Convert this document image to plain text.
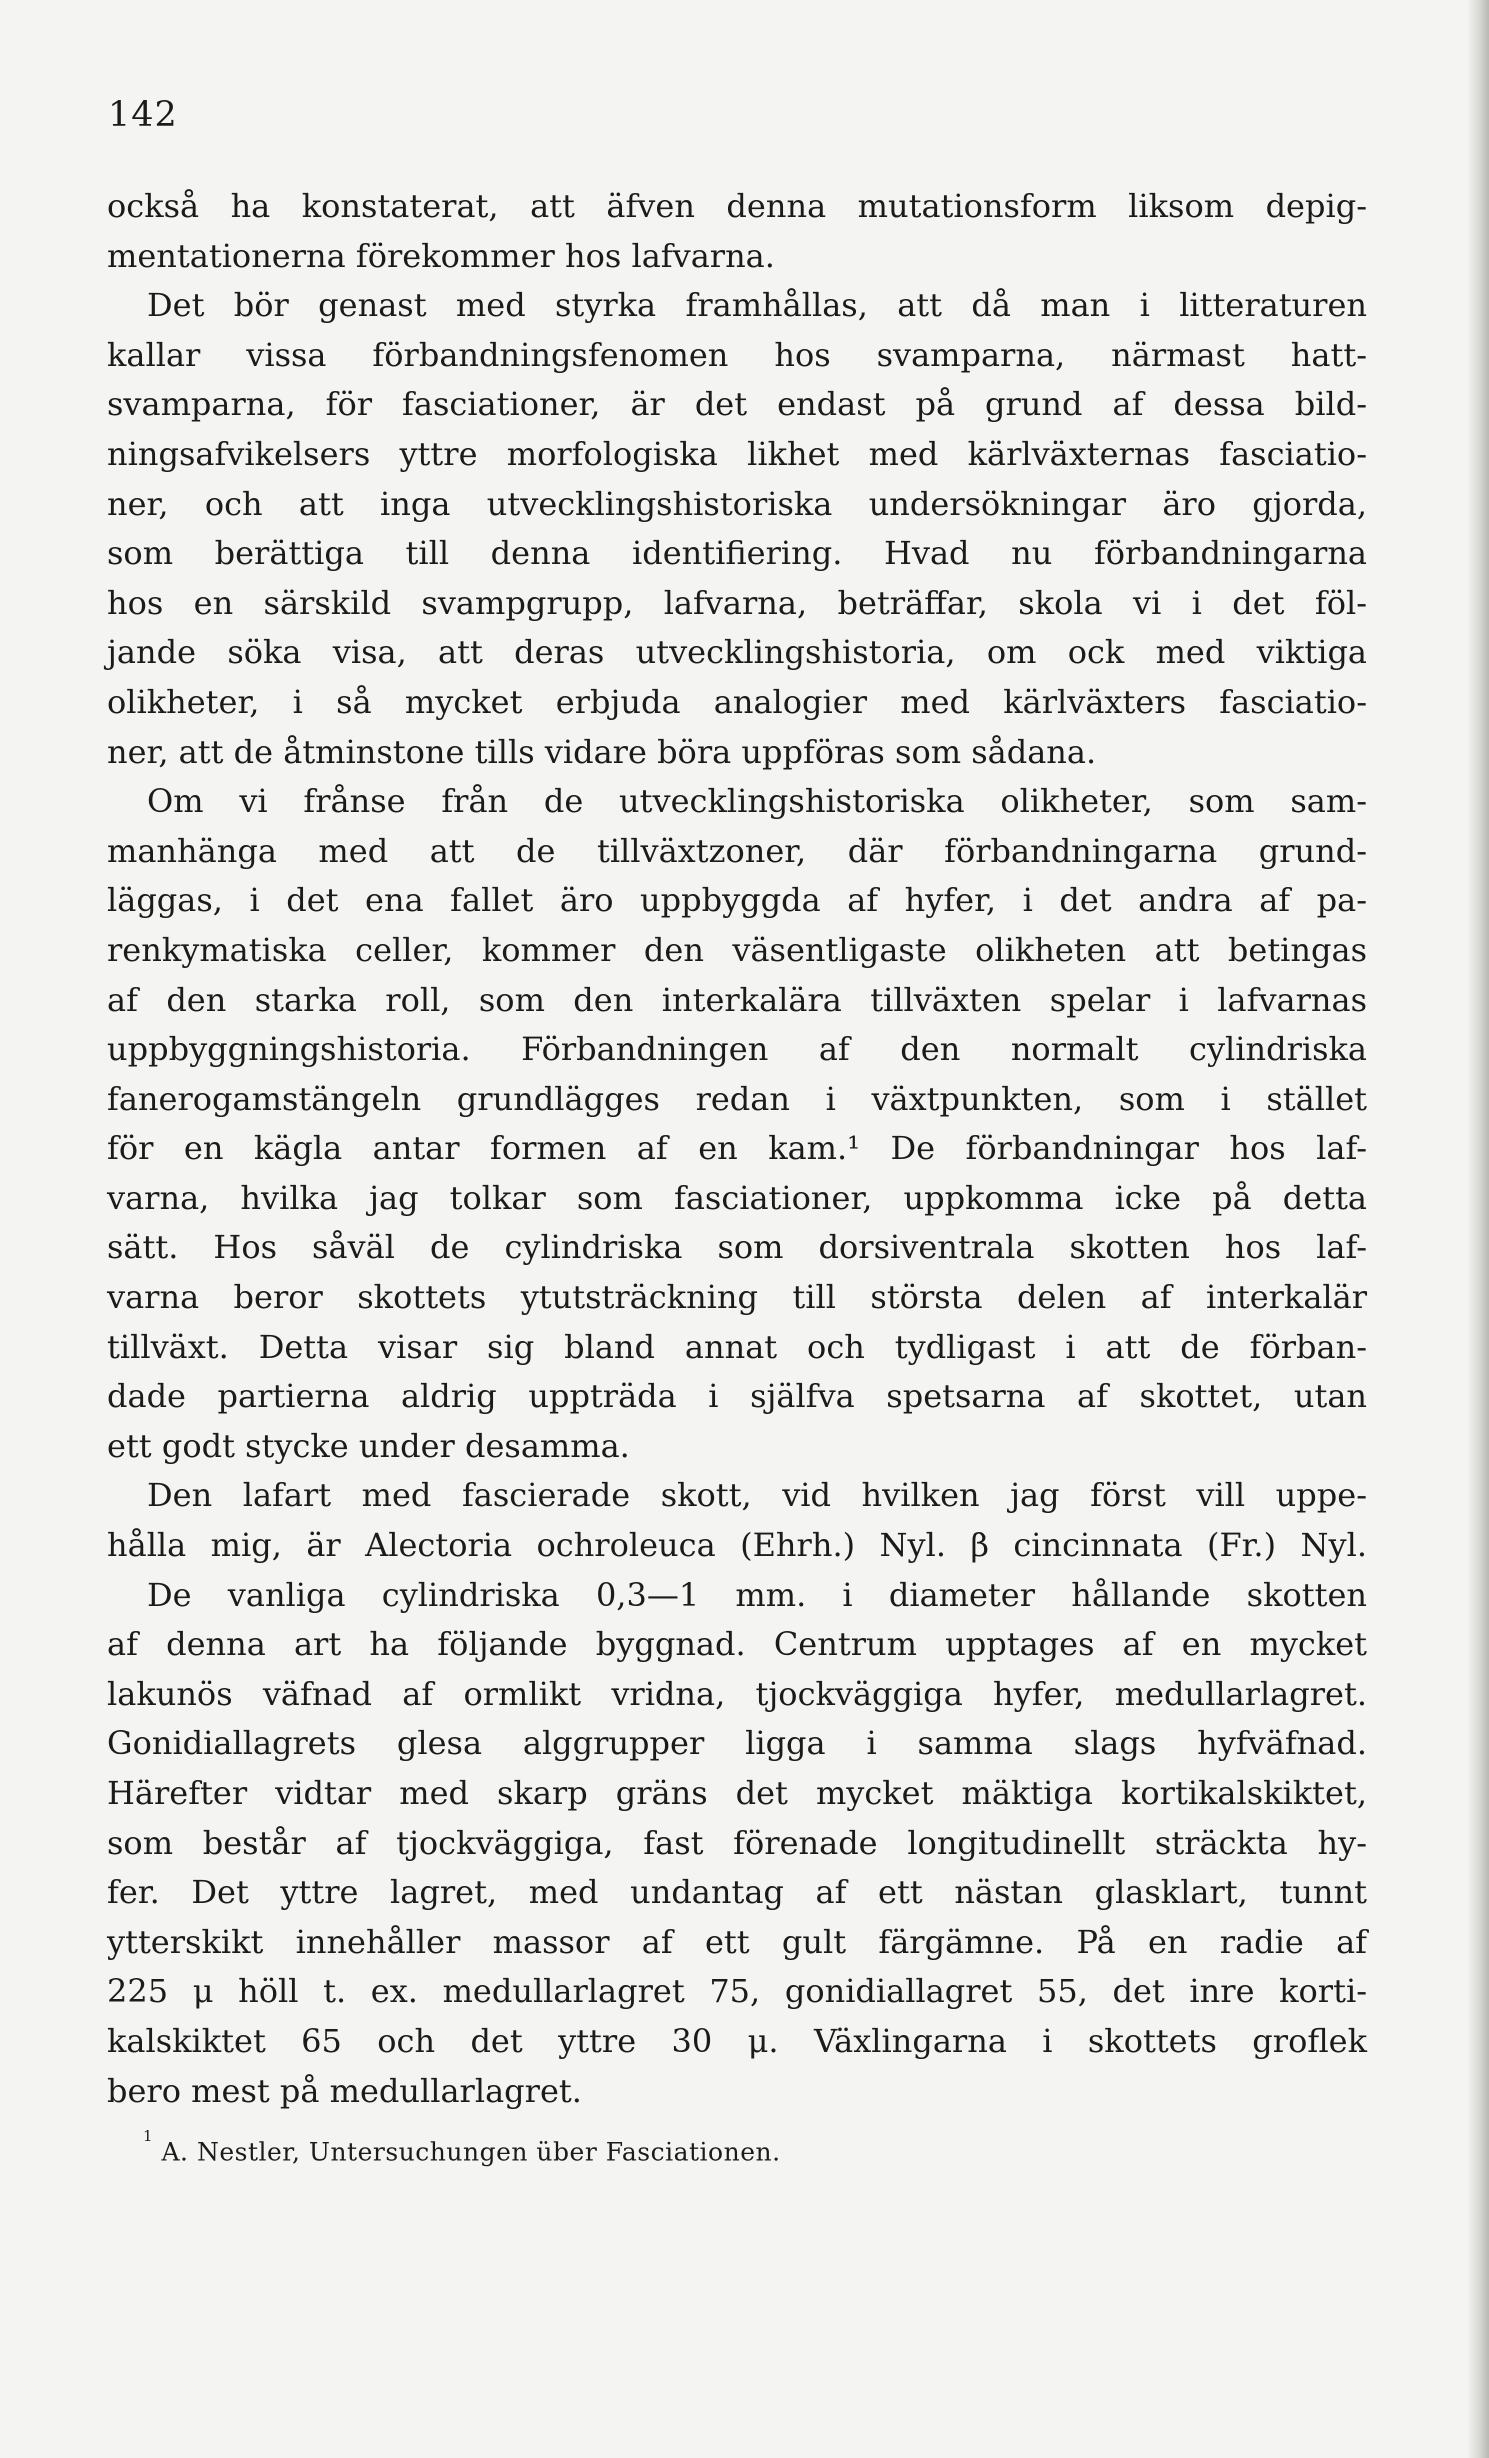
142
också ha konstaterat, att äfven denna mutationsform liksom depig-
mentationerna förekommer hos lafvarna.
Det bör genast med styrka framhållas, att då man i litteraturen
kallar vissa förbandningsfenomen hos svamparna, närmast hatt-
svamparna, för fasciationer, är det endast på grund af dessa bild-
ningsafvikelsers yttre morfologiska likhet med kärlväxternas fasciatio-
ner, och att inga utvecklingshistoriska undersökningar äro gjorda,
som berättiga till denna identifiering. Hvad nu förbandningarna
hos en särskild svampgrupp, lafvarna, beträffar, skola vi i det föl-
jande söka visa, att deras utvecklingshistoria, om ock med viktiga
olikheter, i så mycket erbjuda analogier med kärlväxters fasciatio-
ner, att de åtminstone tills vidare böra uppföras som sådana.
Om vi frånse från de utvecklingshistoriska olikheter, som sam-
manhänga med att de tillväxtzoner, där förbandningarna grund-
läggas, i det ena fallet äro uppbyggda af hyfer, i det andra af pa-
renkymatiska celler, kommer den väsentligaste olikheten att betingas
af den starka roll, som den interkalära tillväxten spelar i lafvarnas
uppbyggningshistoria. Förbandningen af den normalt cylindriska
fanerogamstängeln grundlägges redan i växtpunkten, som i stället
för en kägla antar formen af en kam.¹ De förbandningar hos laf-
varna, hvilka jag tolkar som fasciationer, uppkomma icke på detta
sätt. Hos såväl de cylindriska som dorsiventrala skotten hos laf-
varna beror skottets ytutsträckning till största delen af interkalär
tillväxt. Detta visar sig bland annat och tydligast i att de förban-
dade partierna aldrig uppträda i själfva spetsarna af skottet, utan
ett godt stycke under desamma.
Den lafart med fascierade skott, vid hvilken jag först vill uppe-
hålla mig, är Alectoria ochroleuca (Ehrh.) Nyl. β cincinnata (Fr.) Nyl.
De vanliga cylindriska 0,3—1 mm. i diameter hållande skotten
af denna art ha följande byggnad. Centrum upptages af en mycket
lakunös väfnad af ormlikt vridna, tjockväggiga hyfer, medullarlagret.
Gonidiallagrets glesa alggrupper ligga i samma slags hyfväfnad.
Härefter vidtar med skarp gräns det mycket mäktiga kortikalskiktet,
som består af tjockväggiga, fast förenade longitudinellt sträckta hy-
fer. Det yttre lagret, med undantag af ett nästan glasklart, tunnt
ytterskikt innehåller massor af ett gult färgämne. På en radie af
225 μ höll t. ex. medullarlagret 75, gonidiallagret 55, det inre korti-
kalskiktet 65 och det yttre 30 μ. Växlingarna i skottets groflek
bero mest på medullarlagret.
$^1$ A. Nestler, Untersuchungen über Fasciationen.
